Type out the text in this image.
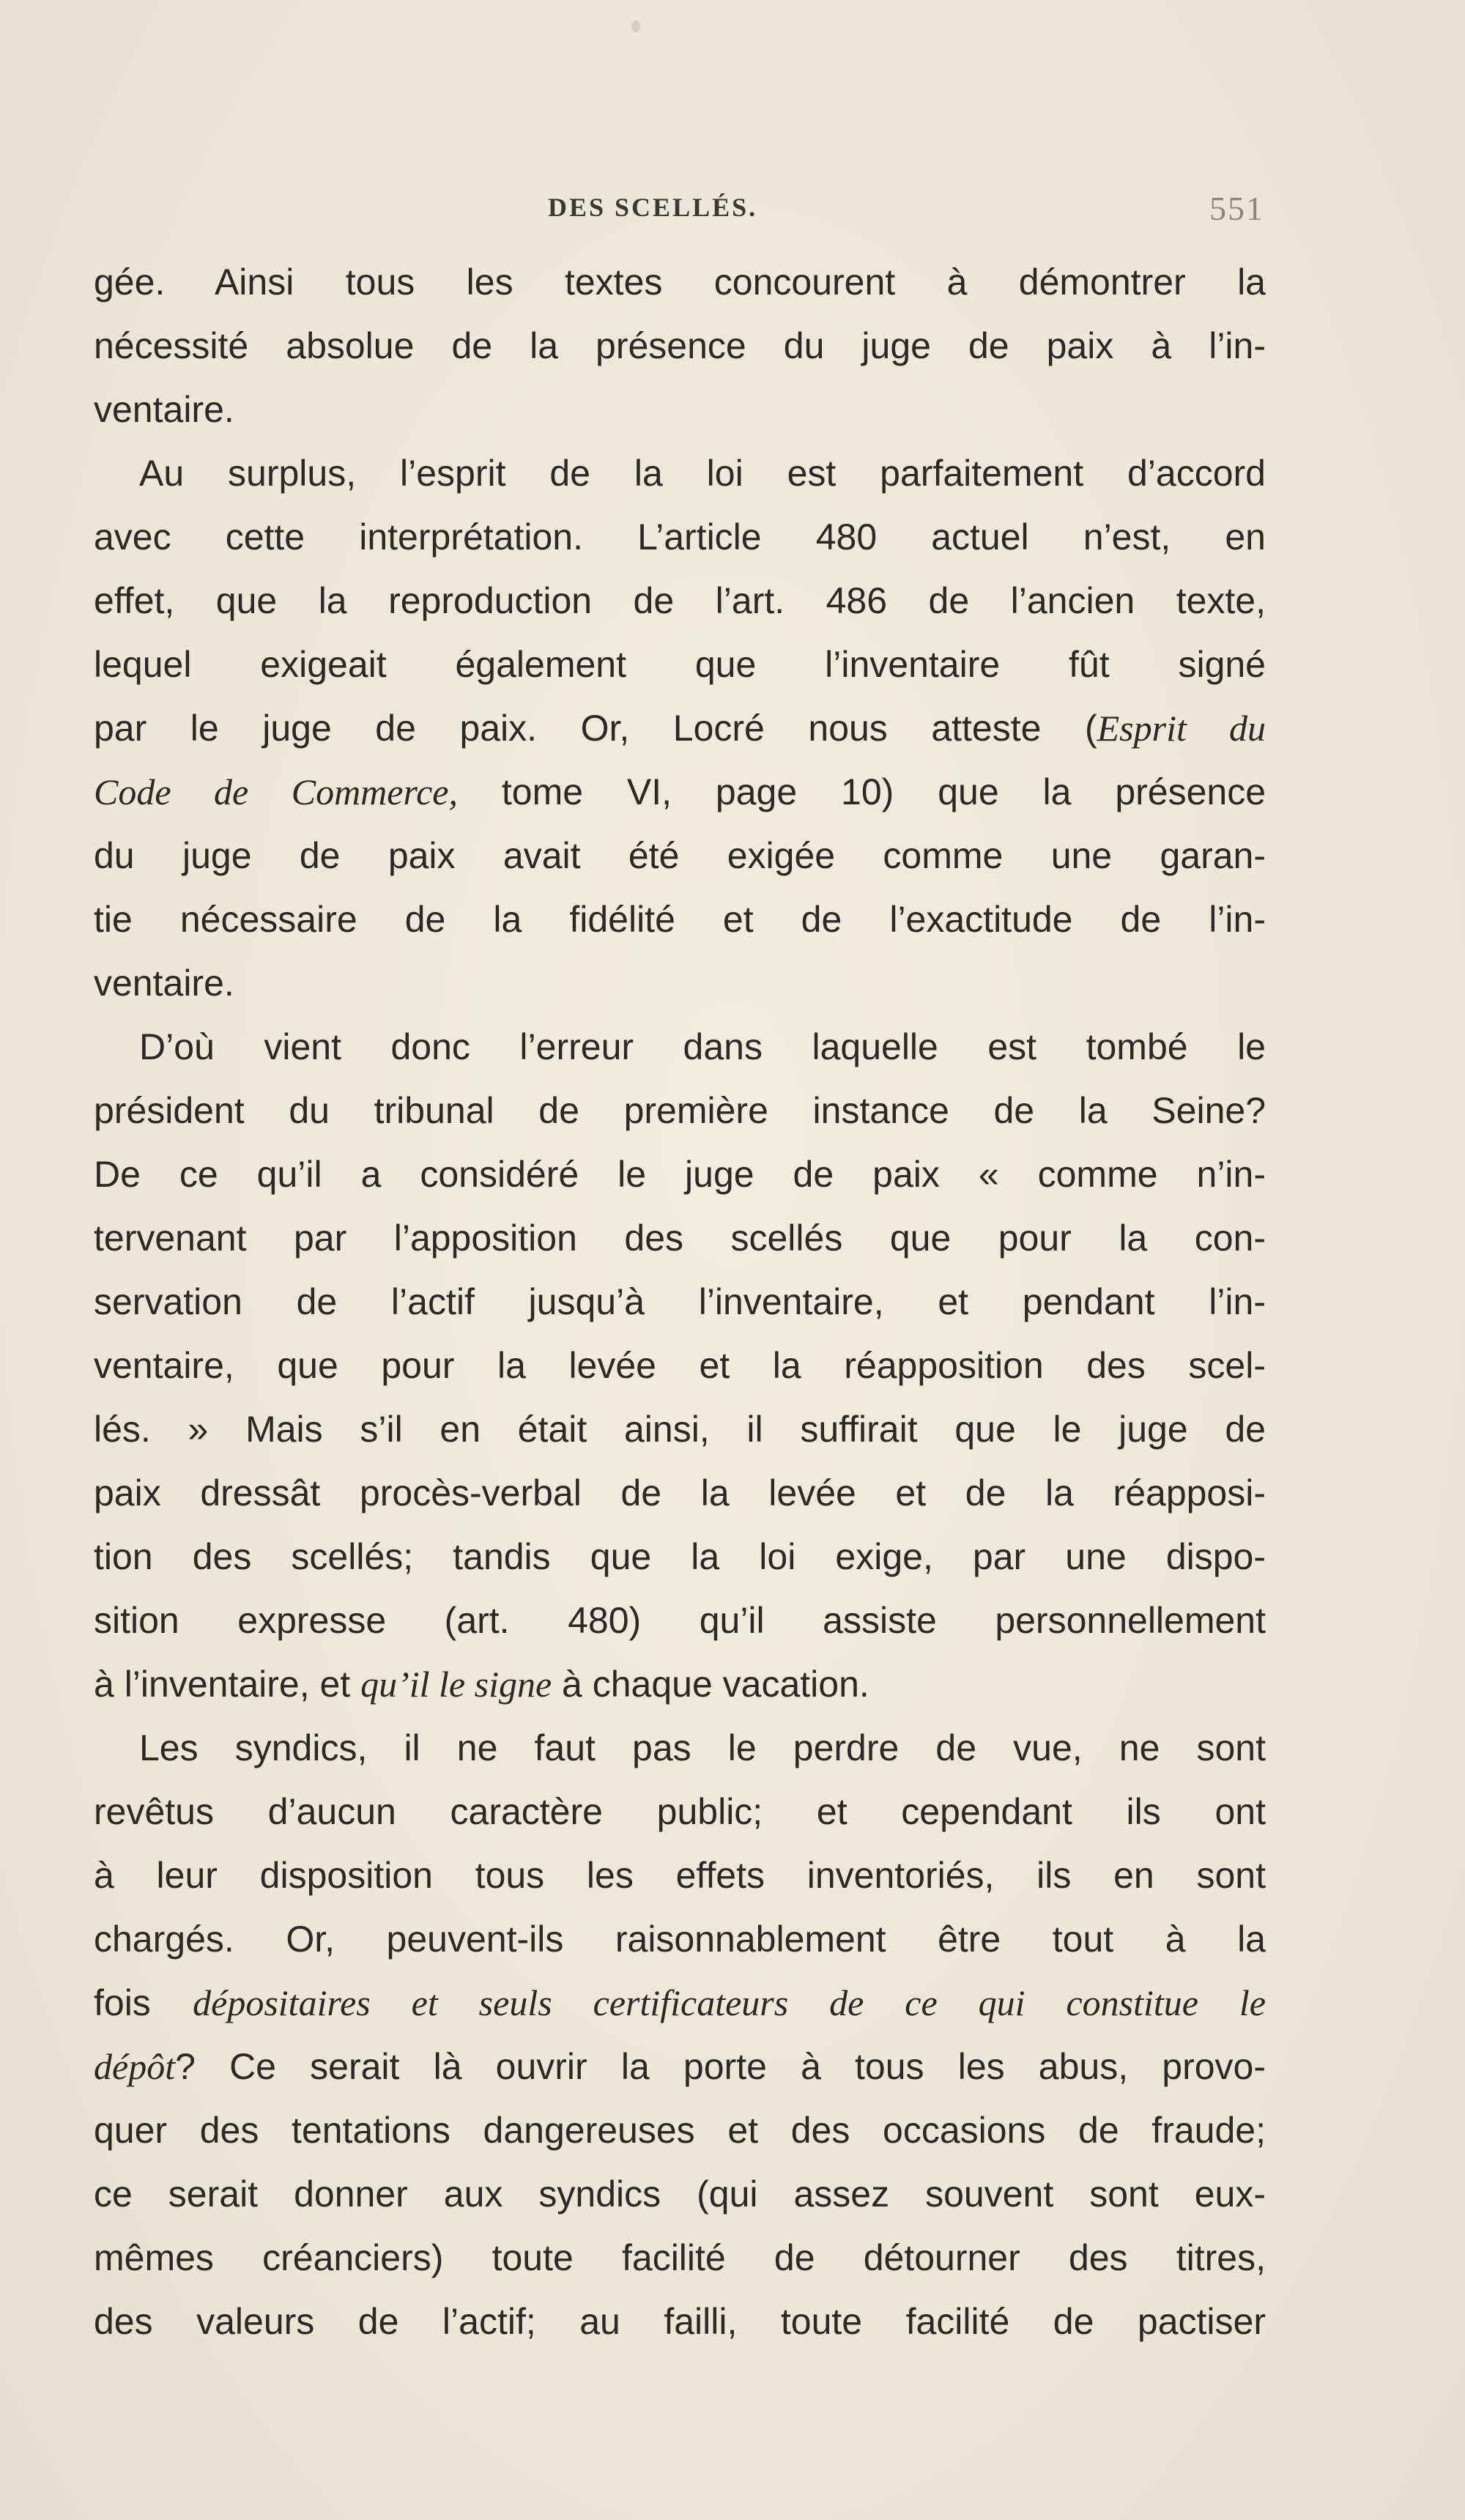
DES SCELLÉS.	551
gée. Ainsi tous les textes concourent à démontrer la
nécessité absolue de la présence du juge de paix à l’in-
ventaire.
Au surplus, l’esprit de la loi est parfaitement d’accord
avec cette interprétation. L’article 480 actuel n’est, en
effet, que la reproduction de l’art. 486 de l’ancien texte,
lequel exigeait également que l’inventaire fût signé
par le juge de paix. Or, Locré nous atteste (Esprit du
Code de Commerce, tome VI, page 10) que la présence
du juge de paix avait été exigée comme une garan-
tie nécessaire de la fidélité et de l’exactitude de l’in-
ventaire.
D’où vient donc l’erreur dans laquelle est tombé le
président du tribunal de première instance de la Seine?
De ce qu’il a considéré le juge de paix « comme n’in-
tervenant par l’apposition des scellés que pour la con-
servation de l’actif jusqu’à l’inventaire, et pendant l’in-
ventaire, que pour la levée et la réapposition des scel-
lés. » Mais s’il en était ainsi, il suffirait que le juge de
paix dressât procès-verbal de la levée et de la réapposi-
tion des scellés; tandis que la loi exige, par une dispo-
sition expresse (art. 480) qu’il assiste personnellement
à l’inventaire, et qu’il le signe à chaque vacation.
Les syndics, il ne faut pas le perdre de vue, ne sont
revêtus d’aucun caractère public; et cependant ils ont
à leur disposition tous les effets inventoriés, ils en sont
chargés. Or, peuvent-ils raisonnablement être tout à la
fois dépositaires et seuls certificateurs de ce qui constitue le
dépôt? Ce serait là ouvrir la porte à tous les abus, provo-
quer des tentations dangereuses et des occasions de fraude;
ce serait donner aux syndics (qui assez souvent sont eux-
mêmes créanciers) toute facilité de détourner des titres,
des valeurs de l’actif; au failli, toute facilité de pactiser
